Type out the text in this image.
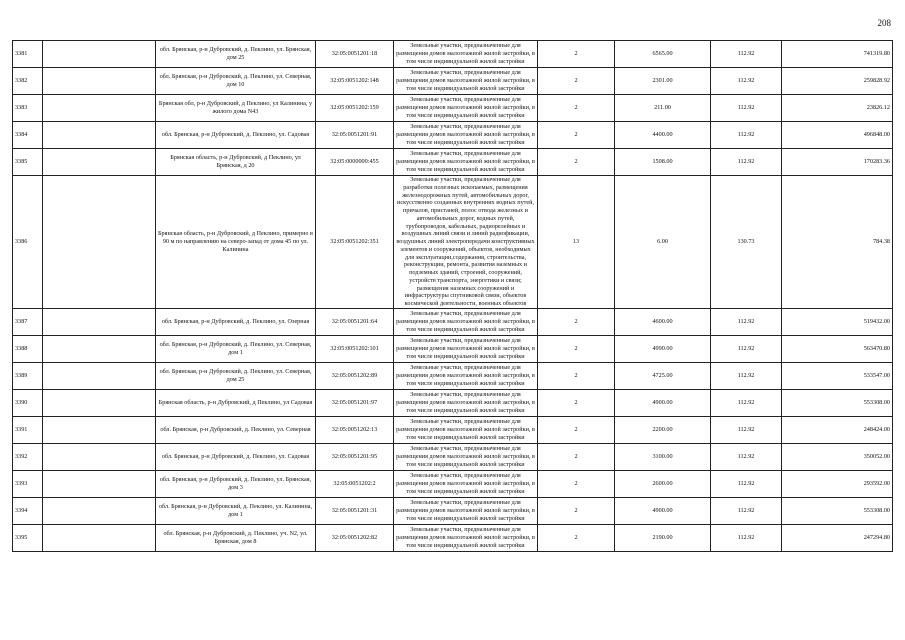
208
3381		обл. Брянская, р-н Дубровский, д. Пеклино, ул. Брянская, дом 25	32:05:0051201:18	Земельные участки, предназначенные для размещения домов малоэтажной жилой застройки, в том числе индивидуальной жилой застройки	2	6565.00	112.92	741319.80
3382		обл. Брянская, р-н Дубровский, д. Пеклино, ул. Северная, дом 10	32:05:0051202:148	Земельные участки, предназначенные для размещения домов малоэтажной жилой застройки, в том числе индивидуальной жилой застройки	2	2301.00	112.92	259828.92
3383		Брянская обл, р-н Дубровский, д Пеклино, ул Калинина, у жилого дома N43	32:05:0051202:159	Земельные участки, предназначенные для размещения домов малоэтажной жилой застройки, в том числе индивидуальной жилой застройки	2	211.00	112.92	23826.12
3384		обл. Брянская, р-н Дубровский, д. Пеклино, ул. Садовая	32:05:0051201:91	Земельные участки, предназначенные для размещения домов малоэтажной жилой застройки, в том числе индивидуальной жилой застройки	2	4400.00	112.92	496848.00
3385		Брянская область, р-н Дубровский, д Пеклино, ул Брянская, д 20	32:05:0000000:455	Земельные участки, предназначенные для размещения домов малоэтажной жилой застройки, в том числе индивидуальной жилой застройки	2	1508.00	112.92	170283.36
3386		Брянская область, р-н Дубровский, д Пеклино, примерно в 90 м по направлению на северо-запад от дома 45 по ул. Калинина	32:05:0051202:351	Земельные участки, предназначенные для разработки полезных ископаемых, размещения железнодорожных путей, автомобильных дорог, искусственно созданных внутренних водных путей, причалов, пристаней, полос отвода железных и автомобильных дорог, водных путей, трубопроводов, кабельных, радиорелейных и воздушных линий связи и линий радиофикации, воздушных линий электропередачи конструктивных элементов и сооружений, объектов, необходимых для эксплуатации,содержания, строительства, реконструкции, ремонта, развития наземных и подземных зданий, строений, сооружений, устройств транспорта, энергетики и связи; размещения наземных сооружений и инфраструктуры спутниковой связи, объектов космической деятельности, военных объектов	13	6.00	130.73	784.38
3387		обл. Брянская, р-н Дубровский, д. Пеклино, ул. Озерная	32:05:0051201:64	Земельные участки, предназначенные для размещения домов малоэтажной жилой застройки, в том числе индивидуальной жилой застройки	2	4600.00	112.92	519432.00
3388		обл. Брянская, р-н Дубровский, д. Пеклино, ул. Северная, дом 1	32:05:0051202:101	Земельные участки, предназначенные для размещения домов малоэтажной жилой застройки, в том числе индивидуальной жилой застройки	2	4990.00	112.92	563470.80
3389		обл. Брянская, р-н Дубровский, д. Пеклино, ул. Северная, дом 25	32:05:0051202:89	Земельные участки, предназначенные для размещения домов малоэтажной жилой застройки, в том числе индивидуальной жилой застройки	2	4725.00	112.92	533547.00
3390		Брянская область, р-н Дубровский, д Пеклино, ул Садовая	32:05:0051201:97	Земельные участки, предназначенные для размещения домов малоэтажной жилой застройки, в том числе индивидуальной жилой застройки	2	4900.00	112.92	553308.00
3391		обл. Брянская, р-н Дубровский, д. Пеклино, ул. Северная	32:05:0051202:13	Земельные участки, предназначенные для размещения домов малоэтажной жилой застройки, в том числе индивидуальной жилой застройки	2	2200.00	112.92	248424.00
3392		обл. Брянская, р-н Дубровский, д. Пеклино, ул. Садовая	32:05:0051201:95	Земельные участки, предназначенные для размещения домов малоэтажной жилой застройки, в том числе индивидуальной жилой застройки	2	3100.00	112.92	350052.00
3393		обл. Брянская, р-н Дубровский, д. Пеклино, ул. Брянская, дом 3	32:05:0051202:2	Земельные участки, предназначенные для размещения домов малоэтажной жилой застройки, в том числе индивидуальной жилой застройки	2	2600.00	112.92	293592.00
3394		обл. Брянская, р-н Дубровский, д. Пеклино, ул. Калинина, дом 1	32:05:0051201:31	Земельные участки, предназначенные для размещения домов малоэтажной жилой застройки, в том числе индивидуальной жилой застройки	2	4900.00	112.92	553308.00
3395		обл. Брянская, р-н Дубровский, д. Пеклино, уч. N2, ул. Брянская, дом 8	32:05:0051202:82	Земельные участки, предназначенные для размещения домов малоэтажной жилой застройки, в том числе индивидуальной жилой застройки	2	2190.00	112.92	247294.80
